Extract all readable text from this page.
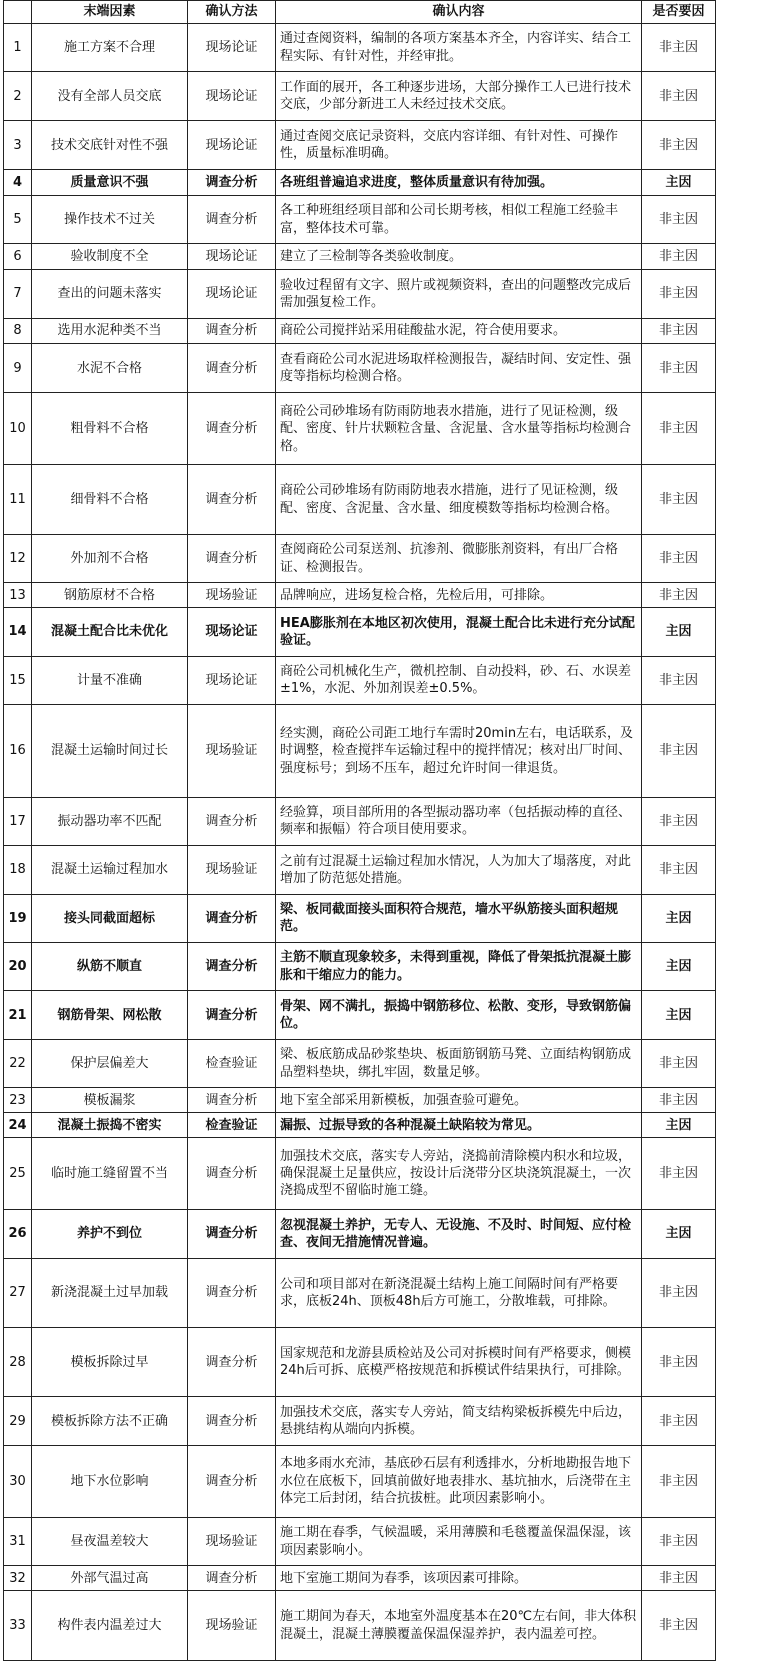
	末端因素	确认方法	确认内容	是否要因
1	施工方案不合理	现场论证	通过查阅资料，编制的各项方案基本齐全，内容详实、结合工程实际、有针对性，并经审批。	非主因
2	没有全部人员交底	现场论证	工作面的展开，各工种逐步进场，大部分操作工人已进行技术交底，少部分新进工人未经过技术交底。	非主因
3	技术交底针对性不强	现场论证	通过查阅交底记录资料，交底内容详细、有针对性、可操作性，质量标准明确。	非主因
4	质量意识不强	调查分析	各班组普遍追求进度，整体质量意识有待加强。	主因
5	操作技术不过关	调查分析	各工种班组经项目部和公司长期考核，相似工程施工经验丰富，整体技术可靠。	非主因
6	验收制度不全	现场论证	建立了三检制等各类验收制度。	非主因
7	查出的问题未落实	现场论证	验收过程留有文字、照片或视频资料，查出的问题整改完成后需加强复检工作。	非主因
8	选用水泥种类不当	调查分析	商砼公司搅拌站采用硅酸盐水泥，符合使用要求。	非主因
9	水泥不合格	调查分析	查看商砼公司水泥进场取样检测报告，凝结时间、安定性、强度等指标均检测合格。	非主因
10	粗骨料不合格	调查分析	商砼公司砂堆场有防雨防地表水措施，进行了见证检测，级配、密度、针片状颗粒含量、含泥量、含水量等指标均检测合格。	非主因
11	细骨料不合格	调查分析	商砼公司砂堆场有防雨防地表水措施，进行了见证检测，级配、密度、含泥量、含水量、细度模数等指标均检测合格。	非主因
12	外加剂不合格	调查分析	查阅商砼公司泵送剂、抗渗剂、微膨胀剂资料，有出厂合格证、检测报告。	非主因
13	钢筋原材不合格	现场验证	品牌响应，进场复检合格，先检后用，可排除。	非主因
14	混凝土配合比未优化	现场论证	HEA膨胀剂在本地区初次使用，混凝土配合比未进行充分试配验证。	主因
15	计量不准确	现场论证	商砼公司机械化生产，微机控制、自动投料，砂、石、水误差±1%，水泥、外加剂误差±0.5%。	非主因
16	混凝土运输时间过长	现场验证	经实测，商砼公司距工地行车需时20min左右，电话联系，及时调整，检查搅拌车运输过程中的搅拌情况；核对出厂时间、强度标号；到场不压车，超过允许时间一律退货。	非主因
17	振动器功率不匹配	调查分析	经验算，项目部所用的各型振动器功率（包括振动棒的直径、频率和振幅）符合项目使用要求。	非主因
18	混凝土运输过程加水	现场验证	之前有过混凝土运输过程加水情况，人为加大了塌落度，对此增加了防范惩处措施。	非主因
19	接头同截面超标	调查分析	梁、板同截面接头面积符合规范，墙水平纵筋接头面积超规范。	主因
20	纵筋不顺直	调查分析	主筋不顺直现象较多，未得到重视，降低了骨架抵抗混凝土膨胀和干缩应力的能力。	主因
21	钢筋骨架、网松散	调查分析	骨架、网不满扎，振捣中钢筋移位、松散、变形，导致钢筋偏位。	主因
22	保护层偏差大	检查验证	梁、板底筋成品砂浆垫块、板面筋钢筋马凳、立面结构钢筋成品塑料垫块，绑扎牢固，数量足够。	非主因
23	模板漏浆	调查分析	地下室全部采用新模板，加强查验可避免。	非主因
24	混凝土振捣不密实	检查验证	漏振、过振导致的各种混凝土缺陷较为常见。	主因
25	临时施工缝留置不当	调查分析	加强技术交底，落实专人旁站，浇捣前清除模内积水和垃圾，确保混凝土足量供应，按设计后浇带分区块浇筑混凝土，一次浇捣成型不留临时施工缝。	非主因
26	养护不到位	调查分析	忽视混凝土养护，无专人、无设施、不及时、时间短、应付检查、夜间无措施情况普遍。	主因
27	新浇混凝土过早加载	调查分析	公司和项目部对在新浇混凝土结构上施工间隔时间有严格要求，底板24h、顶板48h后方可施工，分散堆载，可排除。	非主因
28	模板拆除过早	调查分析	国家规范和龙游县质检站及公司对拆模时间有严格要求，侧模24h后可拆、底模严格按规范和拆模试件结果执行，可排除。	非主因
29	模板拆除方法不正确	调查分析	加强技术交底，落实专人旁站，简支结构梁板拆模先中后边，悬挑结构从端向内拆模。	非主因
30	地下水位影响	调查分析	本地多雨水充沛，基底砂石层有利透排水，分析地勘报告地下水位在底板下，回填前做好地表排水、基坑抽水，后浇带在主体完工后封闭，结合抗拔桩。此项因素影响小。	非主因
31	昼夜温差较大	现场验证	施工期在春季，气候温暖，采用薄膜和毛毯覆盖保温保湿，该项因素影响小。	非主因
32	外部气温过高	调查分析	地下室施工期间为春季，该项因素可排除。	非主因
33	构件表内温差过大	现场验证	施工期间为春天，本地室外温度基本在20℃左右间，非大体积混凝土，混凝土薄膜覆盖保温保湿养护，表内温差可控。	非主因
